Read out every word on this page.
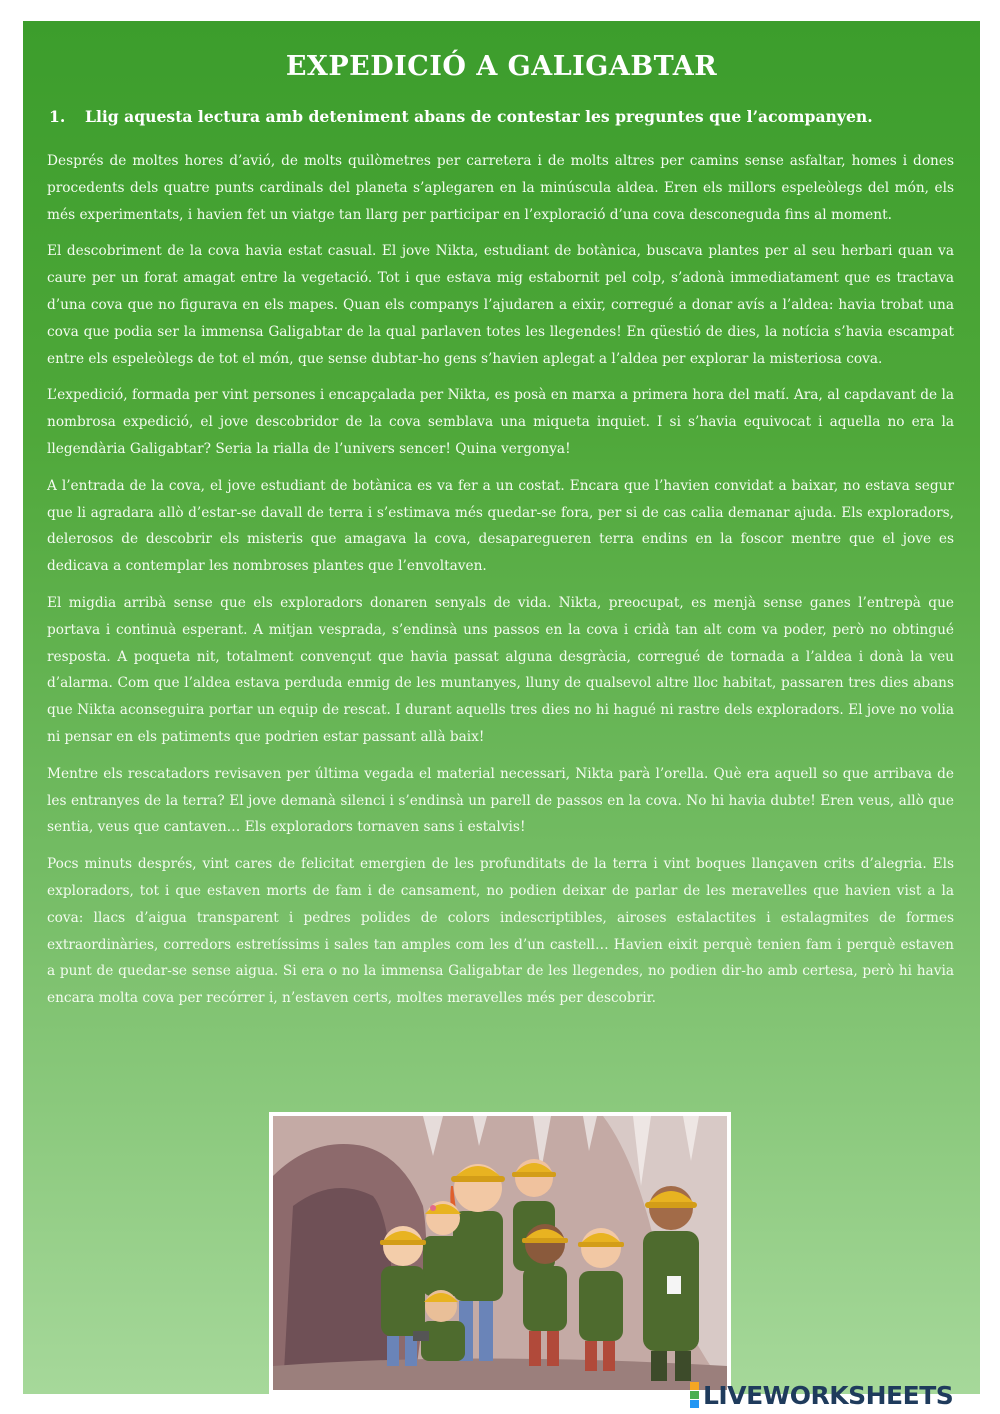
EXPEDICIÓ A GALIGABTAR
1. Llig aquesta lectura amb deteniment abans de contestar les preguntes que l’acompanyen.

Després de moltes hores d’avió, de molts quilòmetres per carretera i de molts altres per camins sense asfaltar, homes i dones procedents dels quatre punts cardinals del planeta s’aplegaren en la minúscula aldea. Eren els millors espeleòlegs del món, els més experimentats, i havien fet un viatge tan llarg per participar en l’exploració d’una cova desconeguda fins al moment.

El descobriment de la cova havia estat casual. El jove Nikta, estudiant de botànica, buscava plantes per al seu herbari quan va caure per un forat amagat entre la vegetació. Tot i que estava mig estabornit pel colp, s’adonà immediatament que es tractava d’una cova que no figurava en els mapes. Quan els companys l’ajudaren a eixir, corregué a donar avís a l’aldea: havia trobat una cova que podia ser la immensa Galigabtar de la qual parlaven totes les llegendes! En qüestió de dies, la notícia s’havia escampat entre els espeleòlegs de tot el món, que sense dubtar-ho gens s’havien aplegat a l’aldea per explorar la misteriosa cova.

L’expedició, formada per vint persones i encapçalada per Nikta, es posà en marxa a primera hora del matí. Ara, al capdavant de la nombrosa expedició, el jove descobridor de la cova semblava una miqueta inquiet. I si s’havia equivocat i aquella no era la llegendària Galigabtar? Seria la rialla de l’univers sencer! Quina vergonya!

A l’entrada de la cova, el jove estudiant de botànica es va fer a un costat. Encara que l’havien convidat a baixar, no estava segur que li agradara allò d’estar-se davall de terra i s’estimava més quedar-se fora, per si de cas calia demanar ajuda. Els exploradors, delerosos de descobrir els misteris que amagava la cova, desaparegueren terra endins en la foscor mentre que el jove es dedicava a contemplar les nombroses plantes que l’envoltaven.

El migdia arribà sense que els exploradors donaren senyals de vida. Nikta, preocupat, es menjà sense ganes l’entrepà que portava i continuà esperant. A mitjan vesprada, s’endinsà uns passos en la cova i cridà tan alt com va poder, però no obtingué resposta. A poqueta nit, totalment convençut que havia passat alguna desgràcia, corregué de tornada a l’aldea i donà la veu d’alarma. Com que l’aldea estava perduda enmig de les muntanyes, lluny de qualsevol altre lloc habitat, passaren tres dies abans que Nikta aconseguira portar un equip de rescat. I durant aquells tres dies no hi hagué ni rastre dels exploradors. El jove no volia ni pensar en els patiments que podrien estar passant allà baix!

Mentre els rescatadors revisaven per última vegada el material necessari, Nikta parà l’orella. Què era aquell so que arribava de les entranyes de la terra? El jove demanà silenci i s’endinsà un parell de passos en la cova. No hi havia dubte! Eren veus, allò que sentia, veus que cantaven… Els exploradors tornaven sans i estalvis!

Pocs minuts després, vint cares de felicitat emergien de les profunditats de la terra i vint boques llançaven crits d’alegria. Els exploradors, tot i que estaven morts de fam i de cansament, no podien deixar de parlar de les meravelles que havien vist a la cova: llacs d’aigua transparent i pedres polides de colors indescriptibles, airoses estalactites i estalagmites de formes extraordinàries, corredors estretíssims i sales tan amples com les d’un castell… Havien eixit perquè tenien fam i perquè estaven a punt de quedar-se sense aigua. Si era o no la immensa Galigabtar de les llegendes, no podien dir-ho amb certesa, però hi havia encara molta cova per recórrer i, n’estaven certs, moltes meravelles més per descobrir.

LIVEWORKSHEETS
